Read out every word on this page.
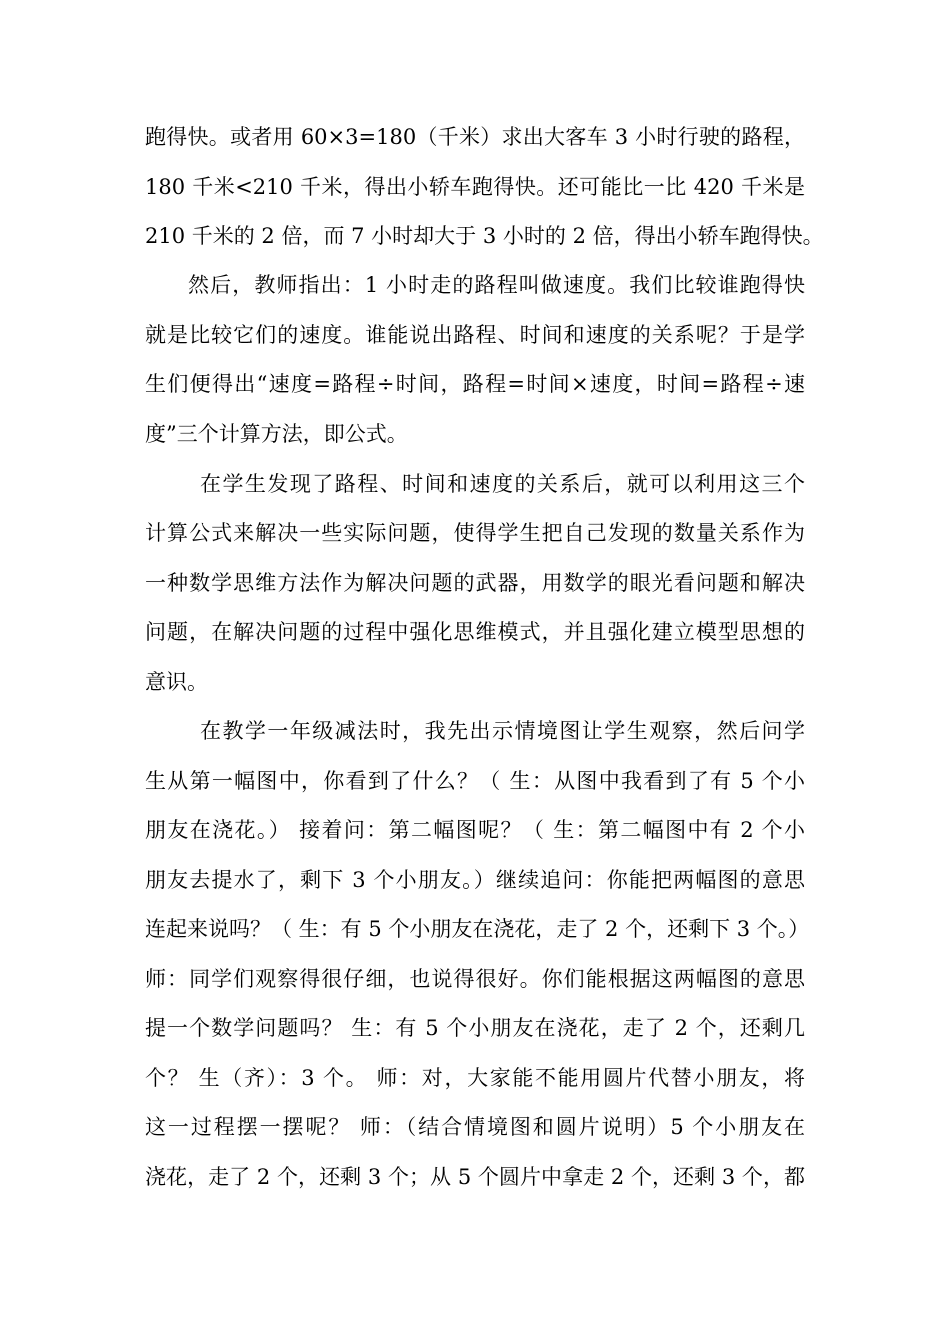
跑得快。或者用 60×3=180（千米）求出大客车 3 小时行驶的路程，
180 千米<210 千米，得出小轿车跑得快。还可能比一比 420 千米是
210 千米的 2 倍，而 7 小时却大于 3 小时的 2 倍，得出小轿车跑得快。
然后，教师指出：1 小时走的路程叫做速度。我们比较谁跑得快
就是比较它们的速度。谁能说出路程、时间和速度的关系呢？于是学
生们便得出“速度=路程÷时间，路程=时间×速度，时间=路程÷速
度”三个计算方法，即公式。
在学生发现了路程、时间和速度的关系后，就可以利用这三个
计算公式来解决一些实际问题，使得学生把自己发现的数量关系作为
一种数学思维方法作为解决问题的武器，用数学的眼光看问题和解决
问题，在解决问题的过程中强化思维模式，并且强化建立模型思想的
意识。
在教学一年级减法时，我先出示情境图让学生观察，然后问学
生从第一幅图中，你看到了什么？（ 生：从图中我看到了有 5 个小
朋友在浇花。） 接着问：第二幅图呢？（ 生：第二幅图中有 2 个小
朋友去提水了，剩下 3 个小朋友。）继续追问：你能把两幅图的意思
连起来说吗？（ 生：有 5 个小朋友在浇花，走了 2 个，还剩下 3 个。）
师：同学们观察得很仔细，也说得很好。你们能根据这两幅图的意思
提一个数学问题吗？ 生：有 5 个小朋友在浇花，走了 2 个，还剩几
个？ 生（齐）：3 个。 师：对，大家能不能用圆片代替小朋友，将
这一过程摆一摆呢？ 师：（结合情境图和圆片说明）5 个小朋友在
浇花，走了 2 个，还剩 3 个；从 5 个圆片中拿走 2 个，还剩 3 个，都
